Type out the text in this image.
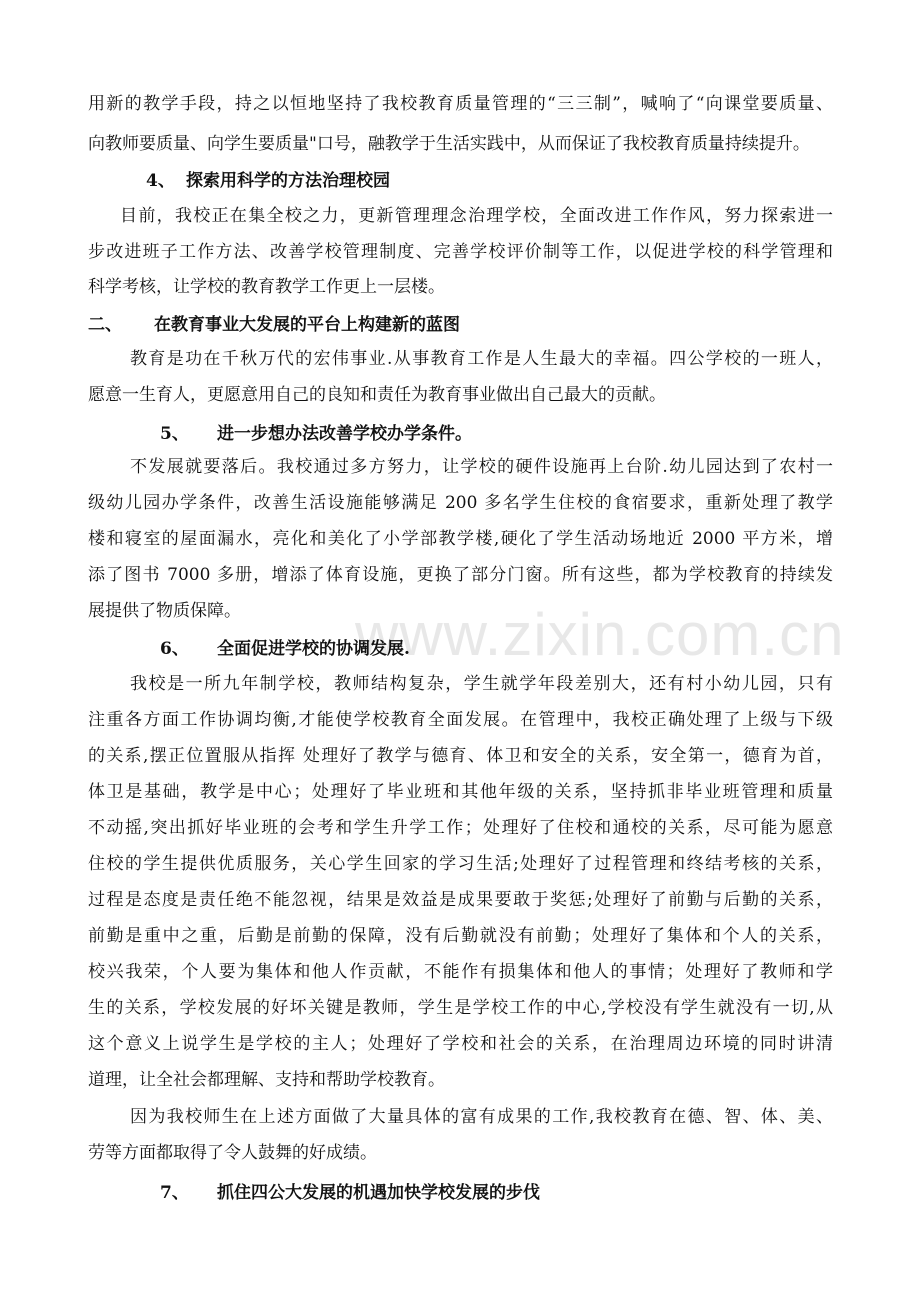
www.zixin.com.cn
用新的教学手段，持之以恒地坚持了我校教育质量管理的“三三制”，喊响了“向课堂要质量、
向教师要质量、向学生要质量"口号，融教学于生活实践中，从而保证了我校教育质量持续提升。
4、 探索用科学的方法治理校园
目前，我校正在集全校之力，更新管理理念治理学校，全面改进工作作风，努力探索进一
步改进班子工作方法、改善学校管理制度、完善学校评价制等工作，以促进学校的科学管理和
科学考核，让学校的教育教学工作更上一层楼。
二、 在教育事业大发展的平台上构建新的蓝图
教育是功在千秋万代的宏伟事业.从事教育工作是人生最大的幸福。四公学校的一班人，
愿意一生育人，更愿意用自己的良知和责任为教育事业做出自己最大的贡献。
5、 进一步想办法改善学校办学条件。
不发展就要落后。我校通过多方努力，让学校的硬件设施再上台阶.幼儿园达到了农村一
级幼儿园办学条件，改善生活设施能够满足 200 多名学生住校的食宿要求，重新处理了教学
楼和寝室的屋面漏水，亮化和美化了小学部教学楼,硬化了学生活动场地近 2000 平方米，增
添了图书 7000 多册，增添了体育设施，更换了部分门窗。所有这些，都为学校教育的持续发
展提供了物质保障。
6、 全面促进学校的协调发展.
我校是一所九年制学校，教师结构复杂，学生就学年段差别大，还有村小幼儿园，只有
注重各方面工作协调均衡,才能使学校教育全面发展。在管理中，我校正确处理了上级与下级
的关系,摆正位置服从指挥 处理好了教学与德育、体卫和安全的关系，安全第一，德育为首，
体卫是基础，教学是中心；处理好了毕业班和其他年级的关系，坚持抓非毕业班管理和质量
不动摇,突出抓好毕业班的会考和学生升学工作；处理好了住校和通校的关系，尽可能为愿意
住校的学生提供优质服务，关心学生回家的学习生活;处理好了过程管理和终结考核的关系，
过程是态度是责任绝不能忽视，结果是效益是成果要敢于奖惩;处理好了前勤与后勤的关系，
前勤是重中之重，后勤是前勤的保障，没有后勤就没有前勤；处理好了集体和个人的关系，
校兴我荣，个人要为集体和他人作贡献，不能作有损集体和他人的事情；处理好了教师和学
生的关系，学校发展的好坏关键是教师，学生是学校工作的中心,学校没有学生就没有一切,从
这个意义上说学生是学校的主人；处理好了学校和社会的关系，在治理周边环境的同时讲清
道理，让全社会都理解、支持和帮助学校教育。
因为我校师生在上述方面做了大量具体的富有成果的工作,我校教育在德、智、体、美、
劳等方面都取得了令人鼓舞的好成绩。
7、 抓住四公大发展的机遇加快学校发展的步伐
